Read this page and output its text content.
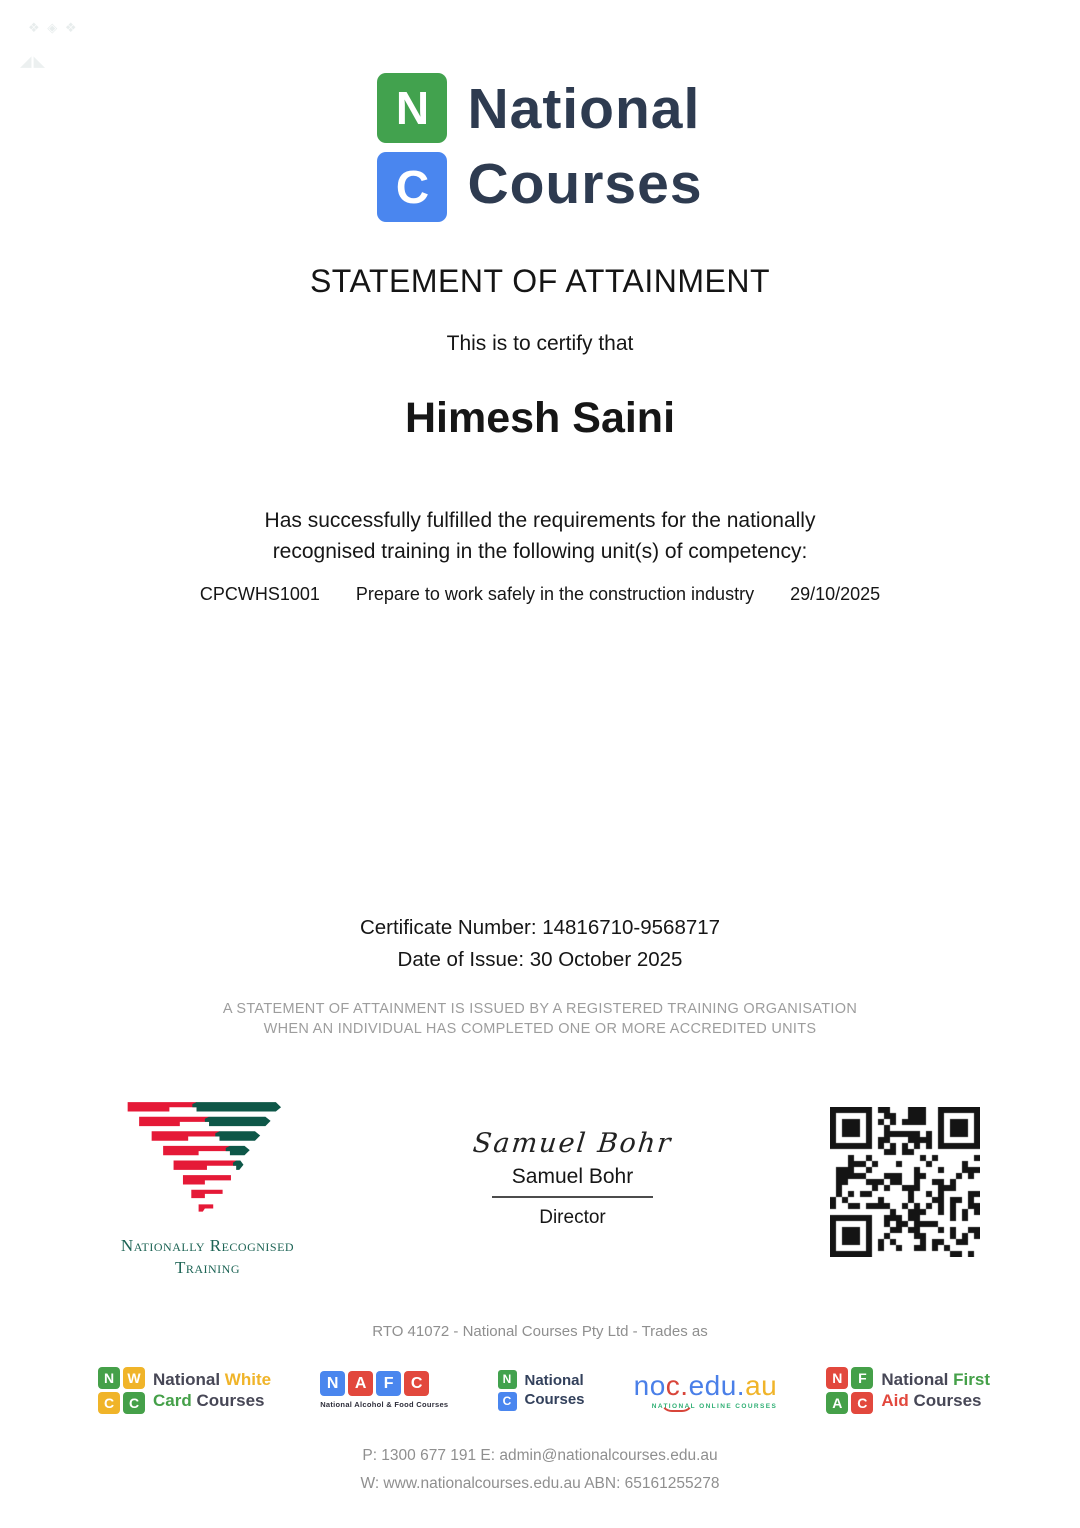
❖ ◈ ❖
◢◣
N
C
National
Courses
STATEMENT OF ATTAINMENT
This is to certify that
Himesh Saini
Has successfully fulfilled the requirements for the nationally
recognised training in the following unit(s) of competency:
CPCWHS1001 Prepare to work safely in the construction industry 29/10/2025
Certificate Number: 14816710-9568717
Date of Issue: 30 October 2025
A STATEMENT OF ATTAINMENT IS ISSUED BY A REGISTERED TRAINING ORGANISATION
WHEN AN INDIVIDUAL HAS COMPLETED ONE OR MORE ACCREDITED UNITS
Nationally Recognised
Training
Samuel Bohr
Samuel Bohr
Director
RTO 41072 - National Courses Pty Ltd - Trades as
N W
C	C
National White
Card Courses
N	A	F	C
National Alcohol & Food Courses
N
C
National
Courses noc.edu.au
NATIONAL ONLINE COURSES
N	F
A	C
National First
Aid Courses
P: 1300 677 191 E: admin@nationalcourses.edu.au
W: www.nationalcourses.edu.au ABN: 65161255278
